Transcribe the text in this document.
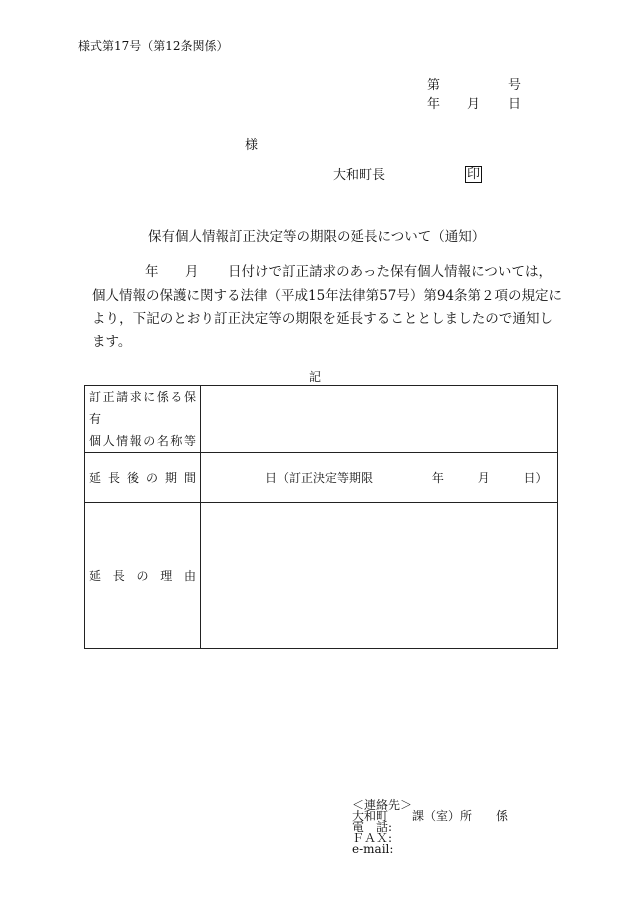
様式第17号（第12条関係）
第	号
年 月 日
様
大和町長	印
保有個人情報訂正決定等の期限の延長について（通知）
年 月 日付けで訂正請求のあった保有個人情報については，
個人情報の保護に関する法律（平成15年法律第57号）第94条第２項の規定に
より，下記のとおり訂正決定等の期限を延長することとしましたので通知し
ます。
記
訂正請求に係る保有
個人情報の名称等	

延長後の期間	日（訂正決定等期限 年 月 日）

延長の理由	

＜連絡先＞
大和町　　課（室）所　　係
電　話:
ＦＡＸ:
e-mail:
